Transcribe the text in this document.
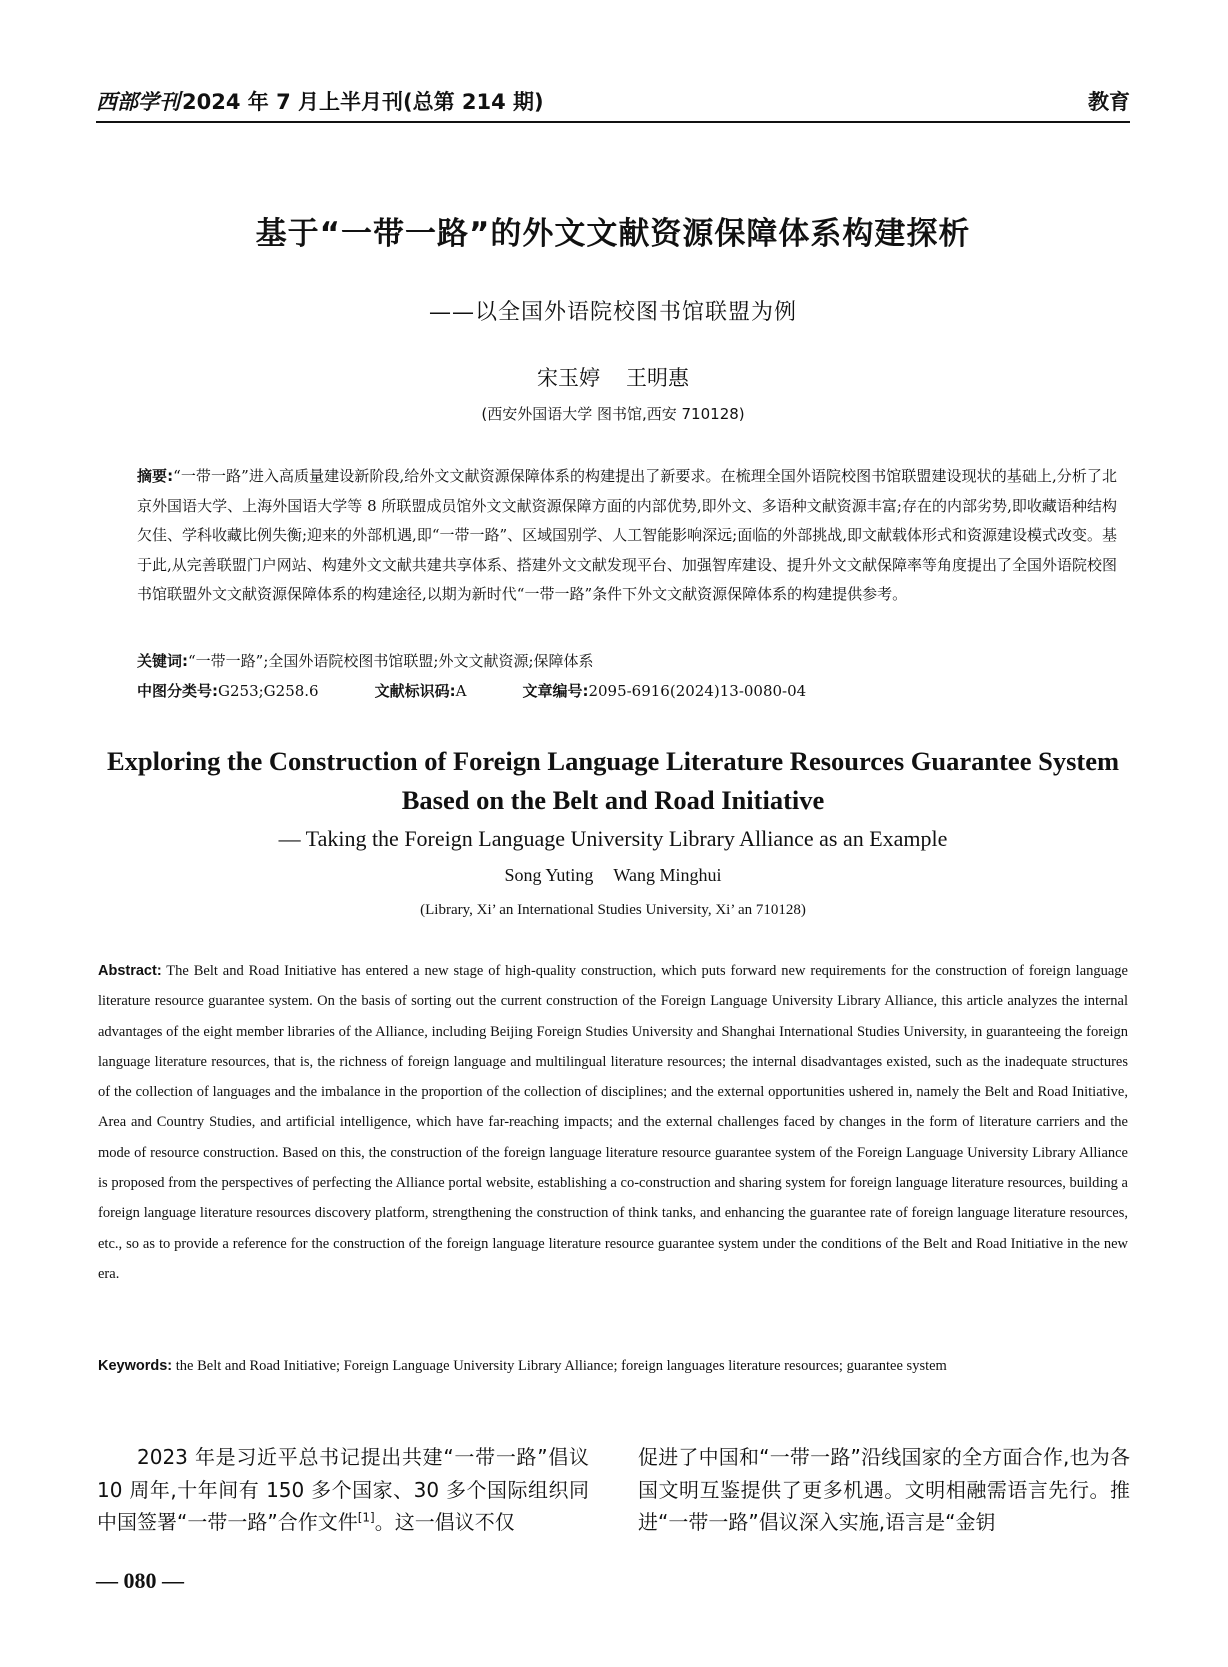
西部学刊2024 年 7 月上半月刊(总第 214 期)	教育
基于“一带一路”的外文文献资源保障体系构建探析
——以全国外语院校图书馆联盟为例
宋玉婷 王明惠
(西安外国语大学 图书馆,西安 710128)
摘要:“一带一路”进入高质量建设新阶段,给外文文献资源保障体系的构建提出了新要求。在梳理全国外语院校图书馆联盟建设现状的基础上,分析了北京外国语大学、上海外国语大学等 8 所联盟成员馆外文文献资源保障方面的内部优势,即外文、多语种文献资源丰富;存在的内部劣势,即收藏语种结构欠佳、学科收藏比例失衡;迎来的外部机遇,即“一带一路”、区域国别学、人工智能影响深远;面临的外部挑战,即文献载体形式和资源建设模式改变。基于此,从完善联盟门户网站、构建外文文献共建共享体系、搭建外文文献发现平台、加强智库建设、提升外文文献保障率等角度提出了全国外语院校图书馆联盟外文文献资源保障体系的构建途径,以期为新时代“一带一路”条件下外文文献资源保障体系的构建提供参考。
关键词:“一带一路”;全国外语院校图书馆联盟;外文文献资源;保障体系
中图分类号:G253;G258.6	文献标识码:A	文章编号:2095-6916(2024)13-0080-04
Exploring the Construction of Foreign Language Literature Resources Guarantee System Based on the Belt and Road Initiative
— Taking the Foreign Language University Library Alliance as an Example
Song Yuting Wang Minghui
(Library, Xi’ an International Studies University, Xi’ an 710128)
Abstract: The Belt and Road Initiative has entered a new stage of high-quality construction, which puts forward new requirements for the construction of foreign language literature resource guarantee system. On the basis of sorting out the current construction of the Foreign Language University Library Alliance, this article analyzes the internal advantages of the eight member libraries of the Alliance, including Beijing Foreign Studies University and Shanghai International Studies University, in guaranteeing the foreign language literature resources, that is, the richness of foreign language and multilingual literature resources; the internal disadvantages existed, such as the inadequate structures of the collection of languages and the imbalance in the proportion of the collection of disciplines; and the external opportunities ushered in, namely the Belt and Road Initiative, Area and Country Studies, and artificial intelligence, which have far-reaching impacts; and the external challenges faced by changes in the form of literature carriers and the mode of resource construction. Based on this, the construction of the foreign language literature resource guarantee system of the Foreign Language University Library Alliance is proposed from the perspectives of perfecting the Alliance portal website, establishing a co-construction and sharing system for foreign language literature resources, building a foreign language literature resources discovery platform, strengthening the construction of think tanks, and enhancing the guarantee rate of foreign language literature resources, etc., so as to provide a reference for the construction of the foreign language literature resource guarantee system under the conditions of the Belt and Road Initiative in the new era.
Keywords: the Belt and Road Initiative; Foreign Language University Library Alliance; foreign languages literature resources; guarantee system

2023 年是习近平总书记提出共建“一带一路”倡议 10 周年,十年间有 150 多个国家、30 多个国际组织同中国签署“一带一路”合作文件[1]。这一倡议不仅

促进了中国和“一带一路”沿线国家的全方面合作,也为各国文明互鉴提供了更多机遇。文明相融需语言先行。推进“一带一路”倡议深入实施,语言是“金钥

— 080 —
